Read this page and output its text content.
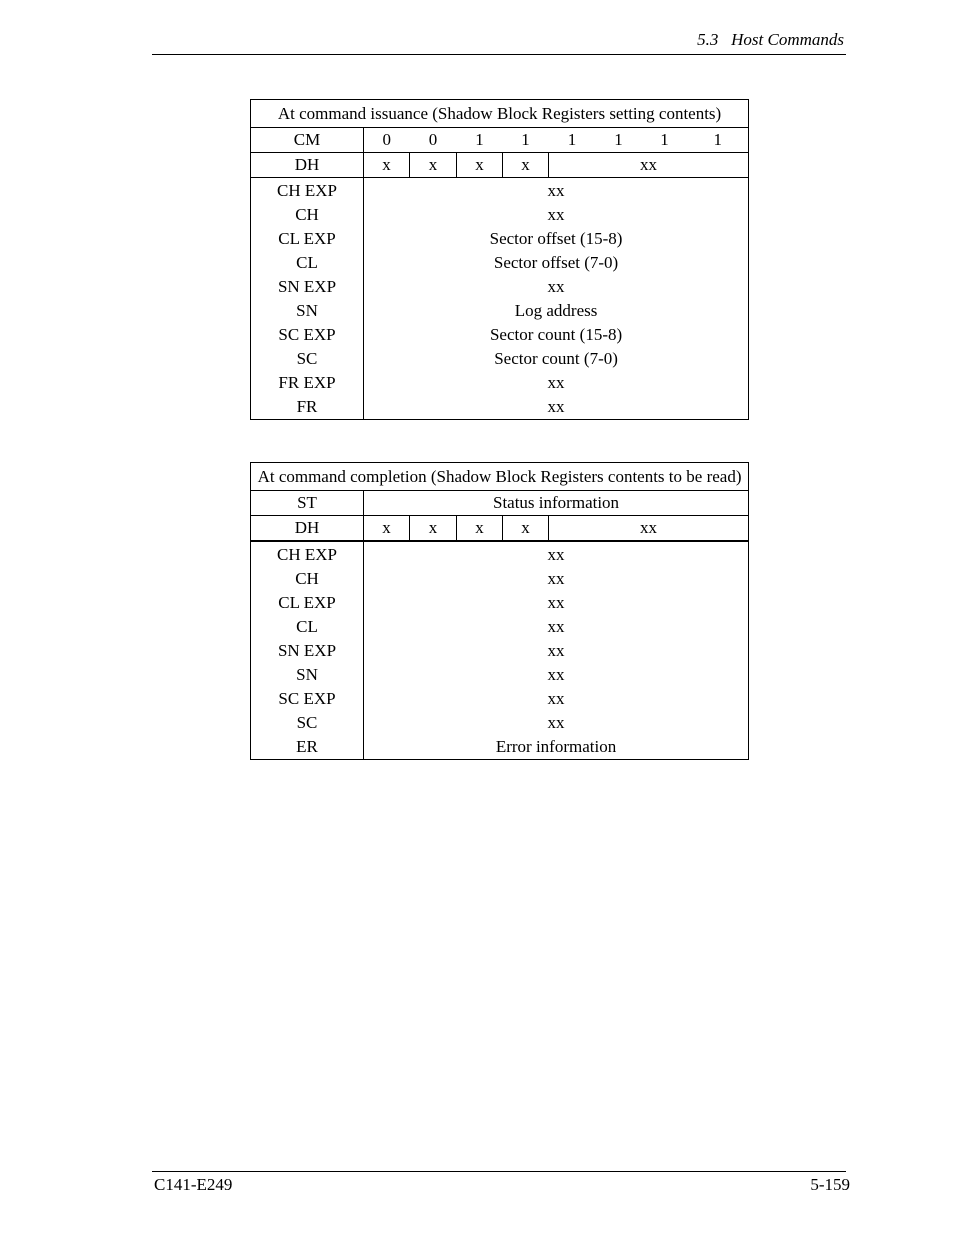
5.3   Host Commands
At command issuance (Shadow Block Registers setting contents)								
CM	0	0	1	1	1	1	1	1
DH	x	x	x	x	xx			
CH EXP	xx							
CH	xx							
CL EXP	Sector offset (15-8)							
CL	Sector offset (7-0)							
SN EXP	xx							
SN	Log address							
SC EXP	Sector count (15-8)							
SC	Sector count (7-0)							
FR EXP	xx							
FR	xx							
At command completion (Shadow Block Registers contents to be read)					
ST	Status information				
DH	x	x	x	x	xx
CH EXP	xx				
CH	xx				
CL EXP	xx				
CL	xx				
SN EXP	xx				
SN	xx				
SC EXP	xx				
SC	xx				
ER	Error information				
C141-E249	5-159
